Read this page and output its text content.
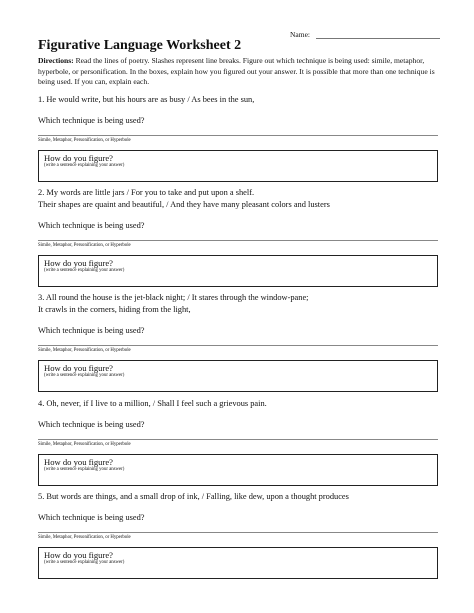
Name:
Figurative Language Worksheet 2
Directions: Read the lines of poetry. Slashes represent line breaks. Figure out which technique is being used: simile, metaphor, hyperbole, or personification. In the boxes, explain how you figured out your answer. It is possible that more than one technique is being used. If you can, explain each.
1. He would write, but his hours are as busy / As bees in the sun,
Which technique is being used?
Simile, Metaphor, Personification, or Hyperbole
How do you figure?
(write a sentence explaining your answer)
2. My words are little jars / For you to take and put upon a shelf.
Their shapes are quaint and beautiful, / And they have many pleasant colors and lusters
Which technique is being used?
Simile, Metaphor, Personification, or Hyperbole
How do you figure?
(write a sentence explaining your answer)
3. All round the house is the jet-black night; / It stares through the window-pane;
It crawls in the corners, hiding from the light,
Which technique is being used?
Simile, Metaphor, Personification, or Hyperbole
How do you figure?
(write a sentence explaining your answer)
4. Oh, never, if I live to a million, / Shall I feel such a grievous pain.
Which technique is being used?
Simile, Metaphor, Personification, or Hyperbole
How do you figure?
(write a sentence explaining your answer)
5. But words are things, and a small drop of ink, / Falling, like dew, upon a thought produces
Which technique is being used?
Simile, Metaphor, Personification, or Hyperbole
How do you figure?
(write a sentence explaining your answer)
